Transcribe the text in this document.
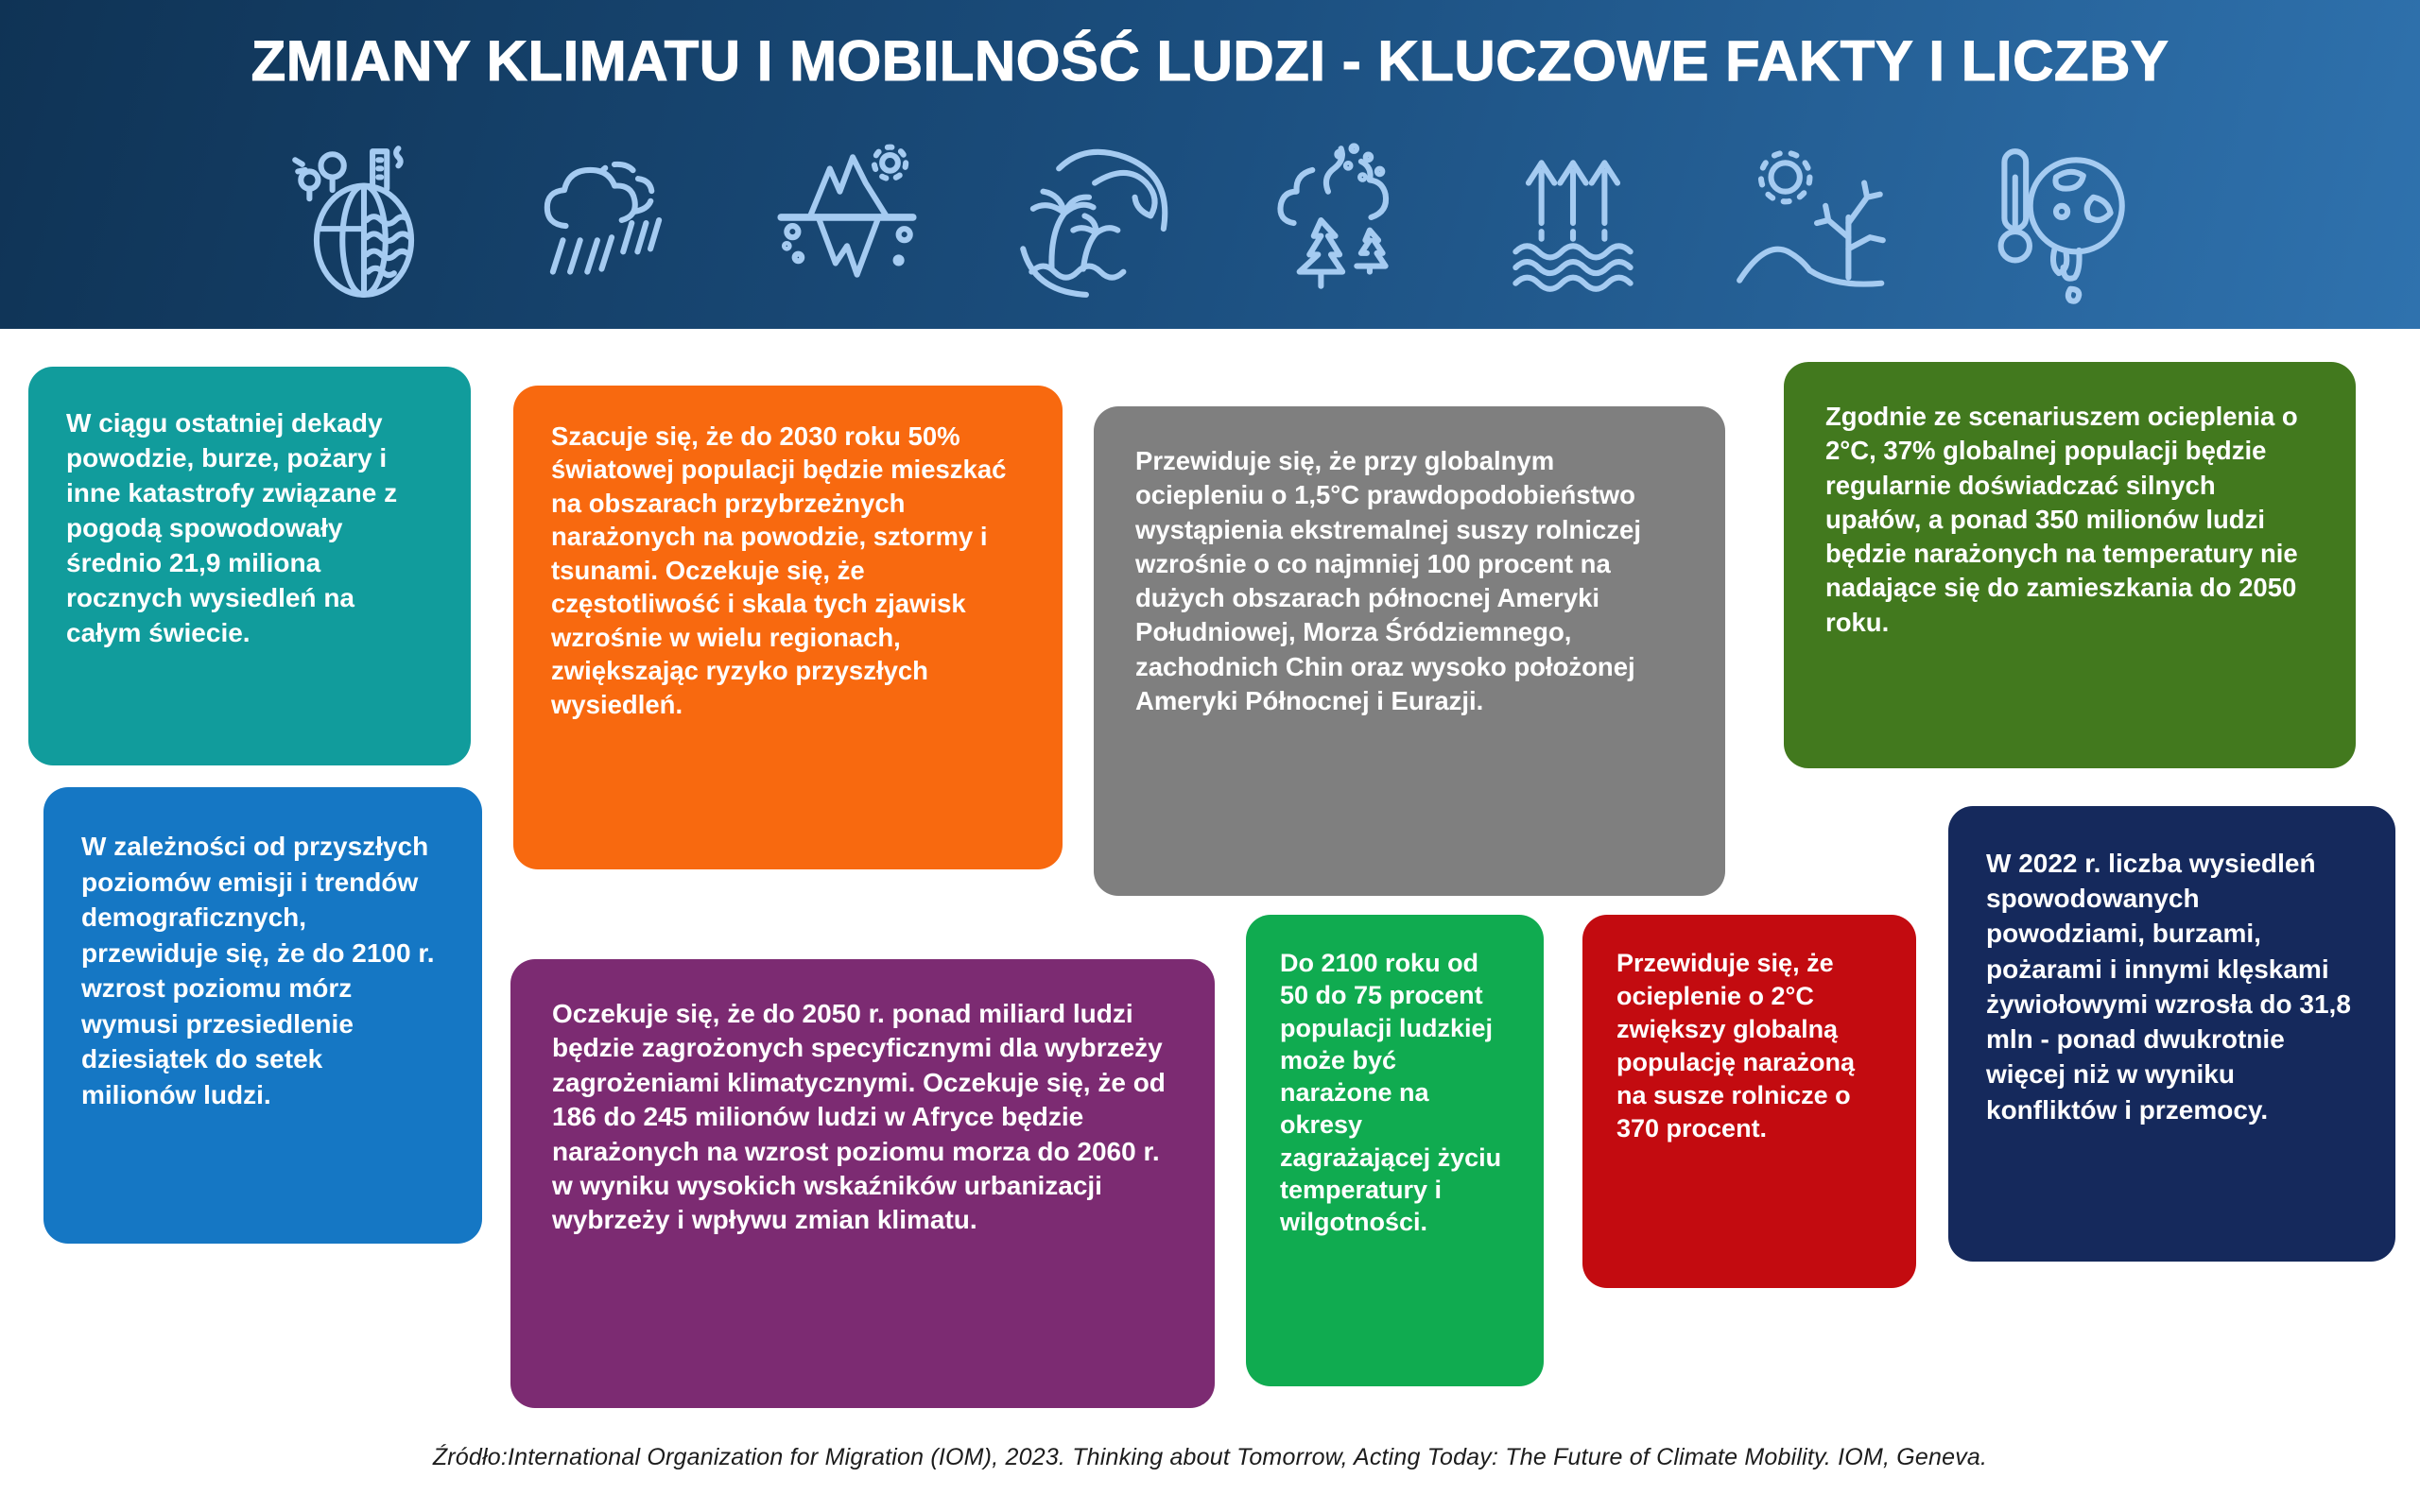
ZMIANY KLIMATU I MOBILNOŚĆ LUDZI - KLUCZOWE FAKTY I LICZBY

W ciągu ostatniej dekady powodzie, burze, pożary i inne katastrofy związane z pogodą spowodowały średnio 21,9 miliona rocznych wysiedleń na całym świecie.

Szacuje się, że do 2030 roku 50% światowej populacji będzie mieszkać na obszarach przybrzeżnych narażonych na powodzie, sztormy i tsunami. Oczekuje się, że częstotliwość i skala tych zjawisk wzrośnie w wielu regionach, zwiększając ryzyko przyszłych wysiedleń.

Przewiduje się, że przy globalnym ociepleniu o 1,5°C prawdopodobieństwo wystąpienia ekstremalnej suszy rolniczej wzrośnie o co najmniej 100 procent na dużych obszarach północnej Ameryki Południowej, Morza Śródziemnego, zachodnich Chin oraz wysoko położonej Ameryki Północnej i Eurazji.

Zgodnie ze scenariuszem ocieplenia o 2°C, 37% globalnej populacji będzie regularnie doświadczać silnych upałów, a ponad 350 milionów ludzi będzie narażonych na temperatury nie nadające się do zamieszkania do 2050 roku.

W zależności od przyszłych poziomów emisji i trendów demograficznych, przewiduje się, że do 2100 r. wzrost poziomu mórz wymusi przesiedlenie dziesiątek do setek milionów ludzi.

Oczekuje się, że do 2050 r. ponad miliard ludzi będzie zagrożonych specyficznymi dla wybrzeży zagrożeniami klimatycznymi. Oczekuje się, że od 186 do 245 milionów ludzi w Afryce będzie narażonych na wzrost poziomu morza do 2060 r. w wyniku wysokich wskaźników urbanizacji wybrzeży i wpływu zmian klimatu.

Do 2100 roku od 50 do 75 procent populacji ludzkiej może być narażone na okresy zagrażającej życiu temperatury i wilgotności.

Przewiduje się, że ocieplenie o 2°C zwiększy globalną populację narażoną na susze rolnicze o 370 procent.

W 2022 r. liczba wysiedleń spowodowanych powodziami, burzami, pożarami i innymi klęskami żywiołowymi wzrosła do 31,8 mln - ponad dwukrotnie więcej niż w wyniku konfliktów i przemocy.

Źródło:International Organization for Migration (IOM), 2023. Thinking about Tomorrow, Acting Today: The Future of Climate Mobility. IOM, Geneva.
